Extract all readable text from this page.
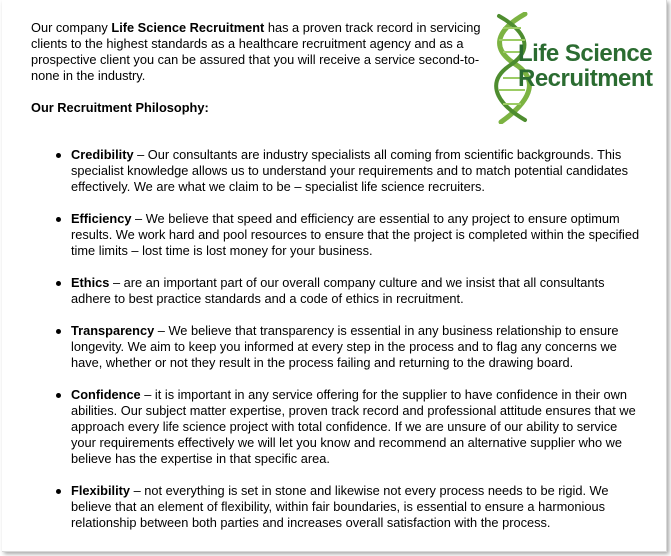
Our company Life Science Recruitment has a proven track record in servicing clients to the highest standards as a healthcare recruitment agency and as a prospective client you can be assured that you will receive a service second-to-none in the industry.

Our Recruitment Philosophy:
Life Science
Recruitment
Credibility – Our consultants are industry specialists all coming from scientific backgrounds. This specialist knowledge allows us to understand your requirements and to match potential candidates effectively. We are what we claim to be – specialist life science recruiters.
Efficiency – We believe that speed and efficiency are essential to any project to ensure optimum results. We work hard and pool resources to ensure that the project is completed within the specified time limits – lost time is lost money for your business.
Ethics – are an important part of our overall company culture and we insist that all consultants adhere to best practice standards and a code of ethics in recruitment.
Transparency – We believe that transparency is essential in any business relationship to ensure longevity. We aim to keep you informed at every step in the process and to flag any concerns we have, whether or not they result in the process failing and returning to the drawing board.
Confidence – it is important in any service offering for the supplier to have confidence in their own abilities. Our subject matter expertise, proven track record and professional attitude ensures that we approach every life science project with total confidence. If we are unsure of our ability to service your requirements effectively we will let you know and recommend an alternative supplier who we believe has the expertise in that specific area.
Flexibility – not everything is set in stone and likewise not every process needs to be rigid. We believe that an element of flexibility, within fair boundaries, is essential to ensure a harmonious relationship between both parties and increases overall satisfaction with the process.
